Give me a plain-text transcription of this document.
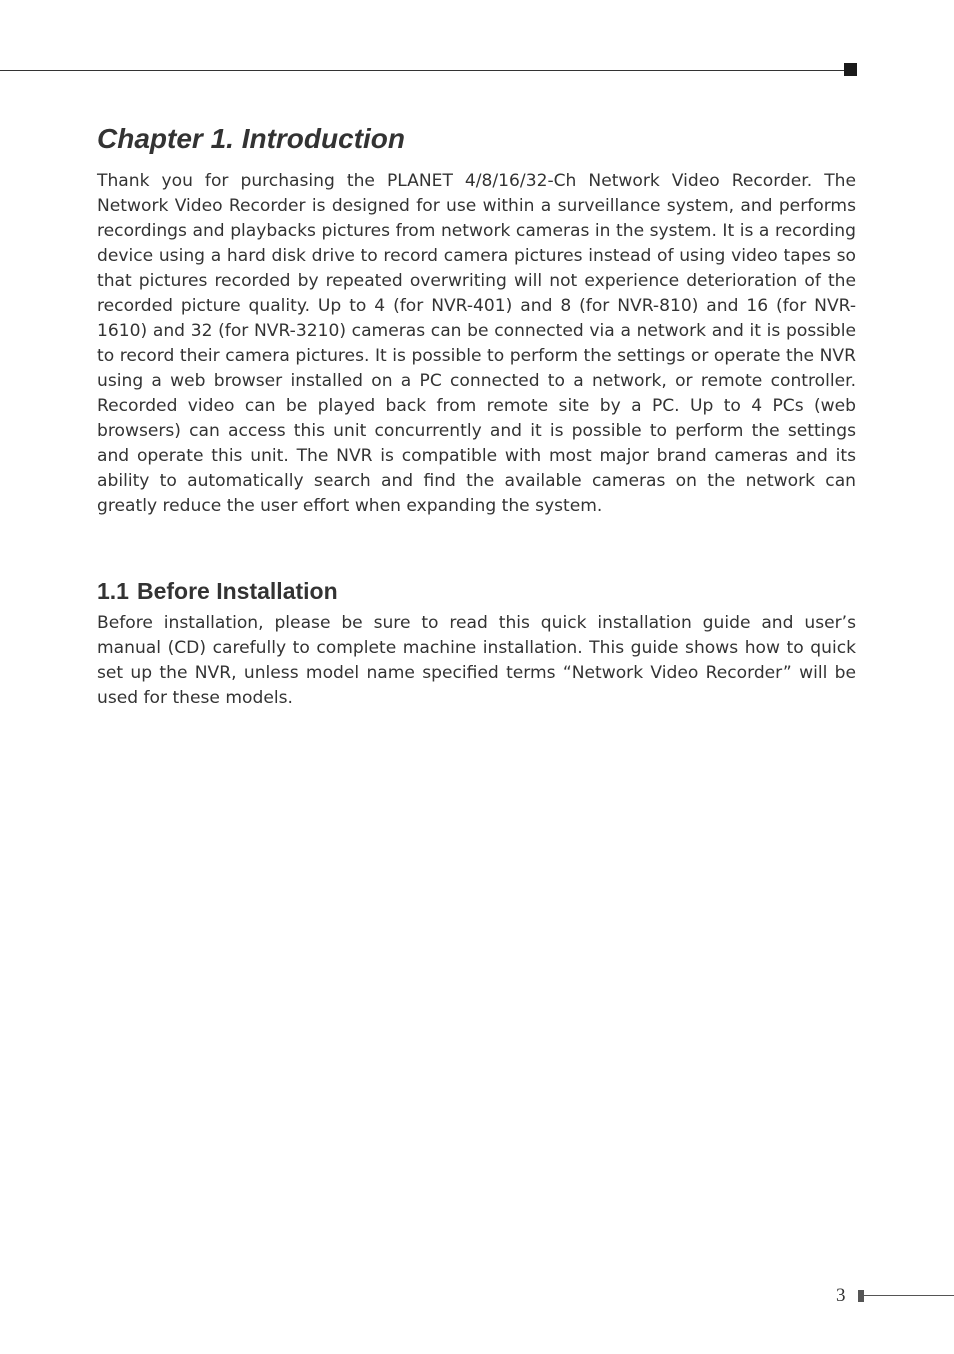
Chapter 1. Introduction

Thank you for purchasing the PLANET 4/8/16/32-Ch Network Video Recorder. The Network Video Recorder is designed for use within a surveillance system, and performs recordings and playbacks pictures from network cameras in the system. It is a recording device using a hard disk drive to record camera pictures instead of using video tapes so that pictures recorded by repeated overwriting will not experience deterioration of the recorded picture quality. Up to 4 (for NVR-401) and 8 (for NVR-810) and 16 (for NVR-1610) and 32 (for NVR-3210) cameras can be connected via a network and it is possible to record their camera pictures. It is possible to perform the settings or operate the NVR using a web browser installed on a PC connected to a network, or remote controller. Recorded video can be played back from remote site by a PC. Up to 4 PCs (web browsers) can access this unit concurrently and it is possible to perform the settings and operate this unit. The NVR is compatible with most major brand cameras and its ability to automatically search and find the available cameras on the network can greatly reduce the user effort when expanding the system.

1.1 Before Installation

Before installation, please be sure to read this quick installation guide and user’s manual (CD) carefully to complete machine installation. This guide shows how to quick set up the NVR, unless model name specified terms “Network Video Recorder” will be used for these models.

3
